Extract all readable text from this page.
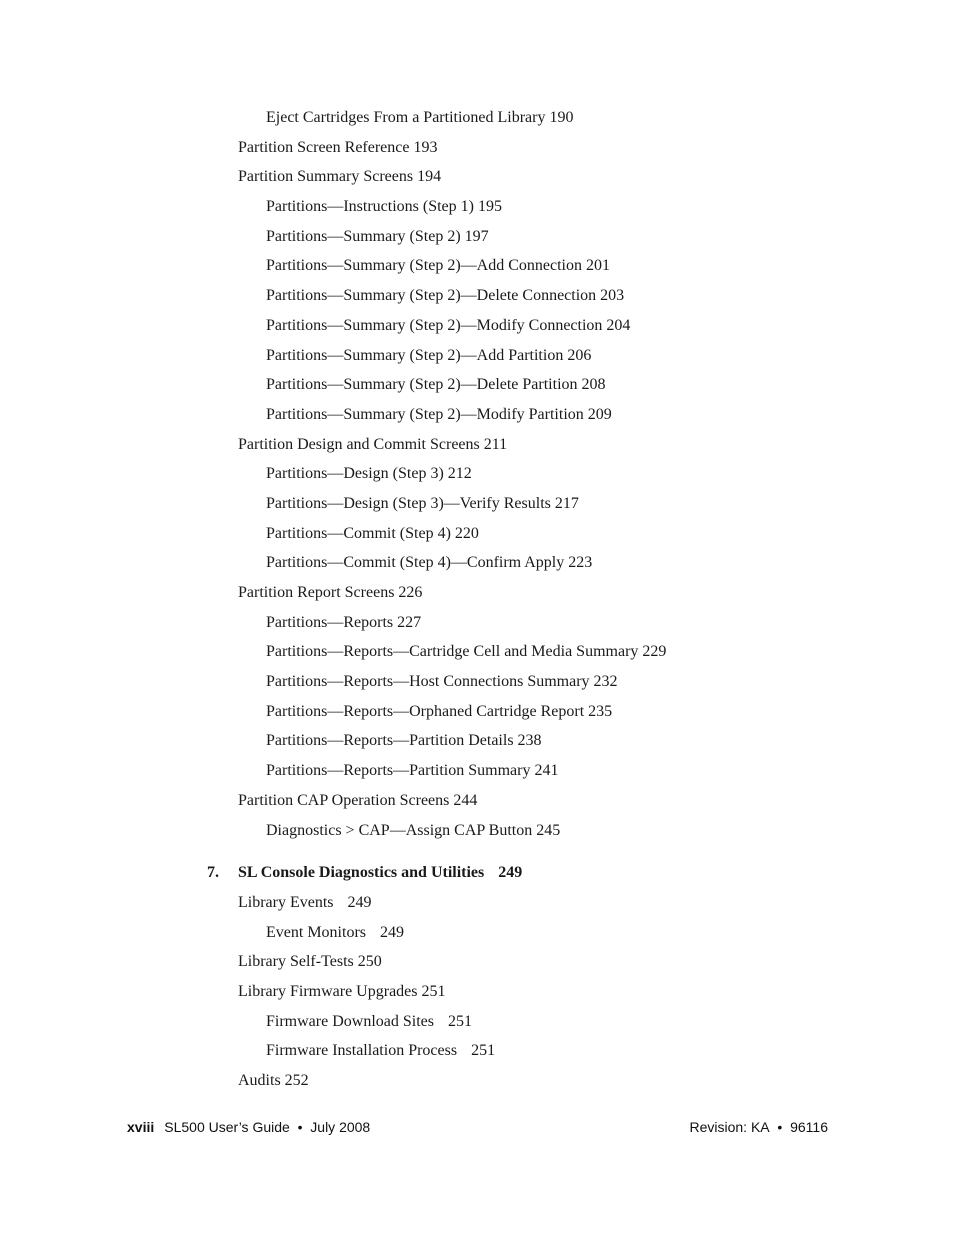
Eject Cartridges From a Partitioned Library 190
Partition Screen Reference 193
Partition Summary Screens 194
Partitions—Instructions (Step 1) 195
Partitions—Summary (Step 2) 197
Partitions—Summary (Step 2)—Add Connection 201
Partitions—Summary (Step 2)—Delete Connection 203
Partitions—Summary (Step 2)—Modify Connection 204
Partitions—Summary (Step 2)—Add Partition 206
Partitions—Summary (Step 2)—Delete Partition 208
Partitions—Summary (Step 2)—Modify Partition 209
Partition Design and Commit Screens 211
Partitions—Design (Step 3) 212
Partitions—Design (Step 3)—Verify Results 217
Partitions—Commit (Step 4) 220
Partitions—Commit (Step 4)—Confirm Apply 223
Partition Report Screens 226
Partitions—Reports 227
Partitions—Reports—Cartridge Cell and Media Summary 229
Partitions—Reports—Host Connections Summary 232
Partitions—Reports—Orphaned Cartridge Report 235
Partitions—Reports—Partition Details 238
Partitions—Reports—Partition Summary 241
Partition CAP Operation Screens 244
Diagnostics > CAP—Assign CAP Button 245
7. SL Console Diagnostics and Utilities 249
Library Events 249
Event Monitors 249
Library Self-Tests 250
Library Firmware Upgrades 251
Firmware Download Sites 251
Firmware Installation Process 251
Audits 252
xviii SL500 User’s Guide • July 2008	Revision: KA • 96116
